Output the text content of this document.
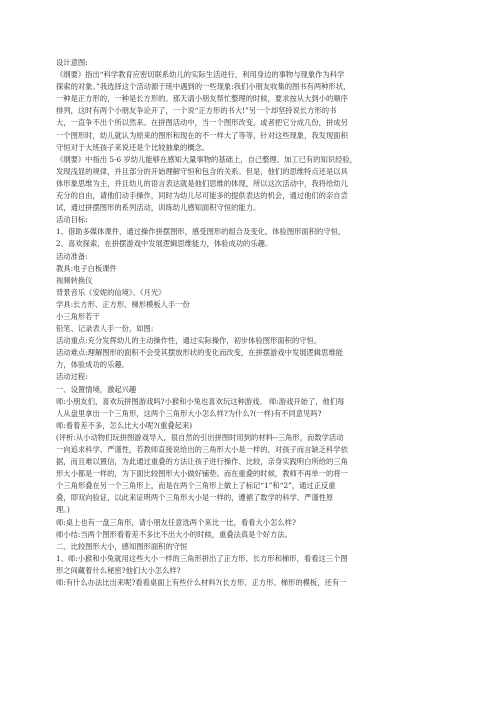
设计意图:
《纲要》指出“科学教育应密切联系幼儿的实际生活进行，利用身边的事物与现象作为科学
探索的对象。”我选择这个活动源于班中遇到的一些现象:我们小朋友收集的图书有两种形状，
一种是正方形的，一种是长方形的。那天请小朋友帮忙整理的时候，要求按从大到小的顺序
排列，这时有两个小朋友争论开了，一个说“正方形的书大!”另一个却坚持说长方形的书
大，一直争不出个所以然来。在拼图活动中，当一个图形改变，或者把它分成几份，拼成另
一个图形时，幼儿就认为原来的图形和现在的不一样大了等等，针对这些现象，我发现面积
守恒对于大班孩子来说还是个比较抽象的概念。
《纲要》中指出 5-6 岁幼儿能够在感知大量事物的基础上，自己整理、加工已有的知识经验，
发现浅显的规律，并且部分的开始理解守恒和包含的关系。但是，他们的思维特点还是以具
体形象思维为主，并且幼儿的语言表达就是他们思维的体现，所以这次活动中，我将给幼儿
充分的自由，请他们动手操作，同时为幼儿尽可能多的提供表达的机会，通过他们的亲自尝
试，通过拼摆图形的系列活动，训练幼儿感知面积守恒的能力。
活动目标:
1、借助多媒体课件，通过操作拼摆图形，感受图形的组合及变化，体验图形面积的守恒。
2、喜欢探索，在拼摆游戏中发展逻辑思维能力，体验成功的乐趣。
活动准备:
教具:电子白板课件
视频转换仪
背景音乐《安妮的仙境》、《月光》
学具:长方形、正方形、梯形模板人手一份
小三角形若干
铅笔、记录表人手一份，如图:
活动重点:充分发挥幼儿的主动操作性，通过实际操作，初步体验图形面积的守恒。
活动难点:理解图形的面积不会受其摆放形状的变化而改变，在拼摆游戏中发展逻辑思维能
力，体验成功的乐趣。
活动过程:
一、设置情境，激起兴趣
师:小朋友们，喜欢玩拼图游戏吗?小猴和小兔也喜欢玩这种游戏。 师:游戏开始了，他们每
人从盘里拿出一个三角形，这两个三角形大小怎么样?为什么?(一样)有不同意见吗?
师:看着差不多，怎么比大小呢?(重叠起来)
(评析:从小动物们玩拼图游戏导入，很自然的引出拼图时用到的材料--三角形，而数学活动
一向追求科学、严谨性，若教师直接说给出的三角形大小是一样的，对孩子而言缺乏科学依
据，而且难以置信，为此通过重叠的方法让孩子进行操作、比较，亲身实践明白所给的三角
形大小都是一样的，为下面比较图形大小做好铺垫。而在重叠的时候，教师不再单一的将一
个三角形叠在另一个三角形上，而是在两个三角形上做上了标记“1”和“2”，通过正反重
叠，即双向验证，以此来证明两个三角形大小是一样的，遵循了数学的科学、严谨性原
理。)
师:桌上也有一盘三角形，请小朋友任意选两个来比一比，看看大小怎么样?
师小结:当两个图形看着差不多比不出大小的时候，重叠法真是个好方法。
二、比较图形大小，感知图形面积的守恒
1、师:小猴和小兔就用这些大小一样的三角形拼出了正方形、长方形和梯形，看看这三个图
形之间藏着什么秘密?他们大小怎么样?
师:有什么办法比出来呢?看看桌面上有些什么材料?(长方形、正方形、梯形的模板，还有一
